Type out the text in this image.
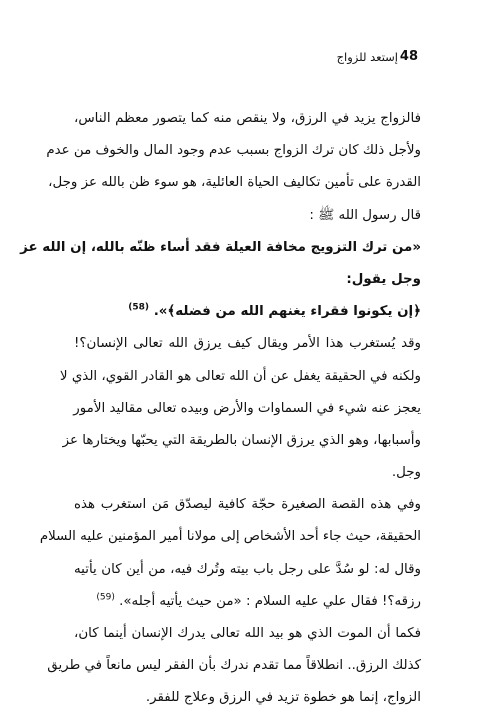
48
إستعد للزواج
فالزواج يزيد في الرزق، ولا ينقص منه كما يتصور معظم الناس،
ولأجل ذلك كان ترك الزواج بسبب عدم وجود المال والخوف من عدم
القدرة على تأمين تكاليف الحياة العائلية، هو سوء ظن بالله عز وجل،
قال رسول الله ﷺ :
«من ترك التزويج مخافة العيلة فقد أساء ظنّه بالله، إن الله عز
وجل يقول:
﴿إن يكونوا فقراء يغنهم الله من فضله﴾». $^{(58)}$
وقد يُستغرب هذا الأمر ويقال كيف يرزق الله تعالى الإنسان؟!
ولكنه في الحقيقة يغفل عن أن الله تعالى هو القادر القوي، الذي لا
يعجز عنه شيء في السماوات والأرض وبيده تعالى مقاليد الأمور
وأسبابها، وهو الذي يرزق الإنسان بالطريقة التي يحبّها ويختارها عز
وجل.
وفي هذه القصة الصغيرة حجّة كافية ليصدّق مَن استغرب هذه
الحقيقة، حيث جاء أحد الأشخاص إلى مولانا أمير المؤمنين عليه السلام
وقال له: لو سُدَّ على رجل باب بيته وتُرك فيه، من أين كان يأتيه
رزقه؟! فقال علي عليه السلام : «من حيث يأتيه أجله». $^{(59)}$
فكما أن الموت الذي هو بيد الله تعالى يدرك الإنسان أينما كان،
كذلك الرزق.. انطلاقاً مما تقدم ندرك بأن الفقر ليس مانعاً في طريق
الزواج، إنما هو خطوة تزيد في الرزق وعلاج للفقر.
